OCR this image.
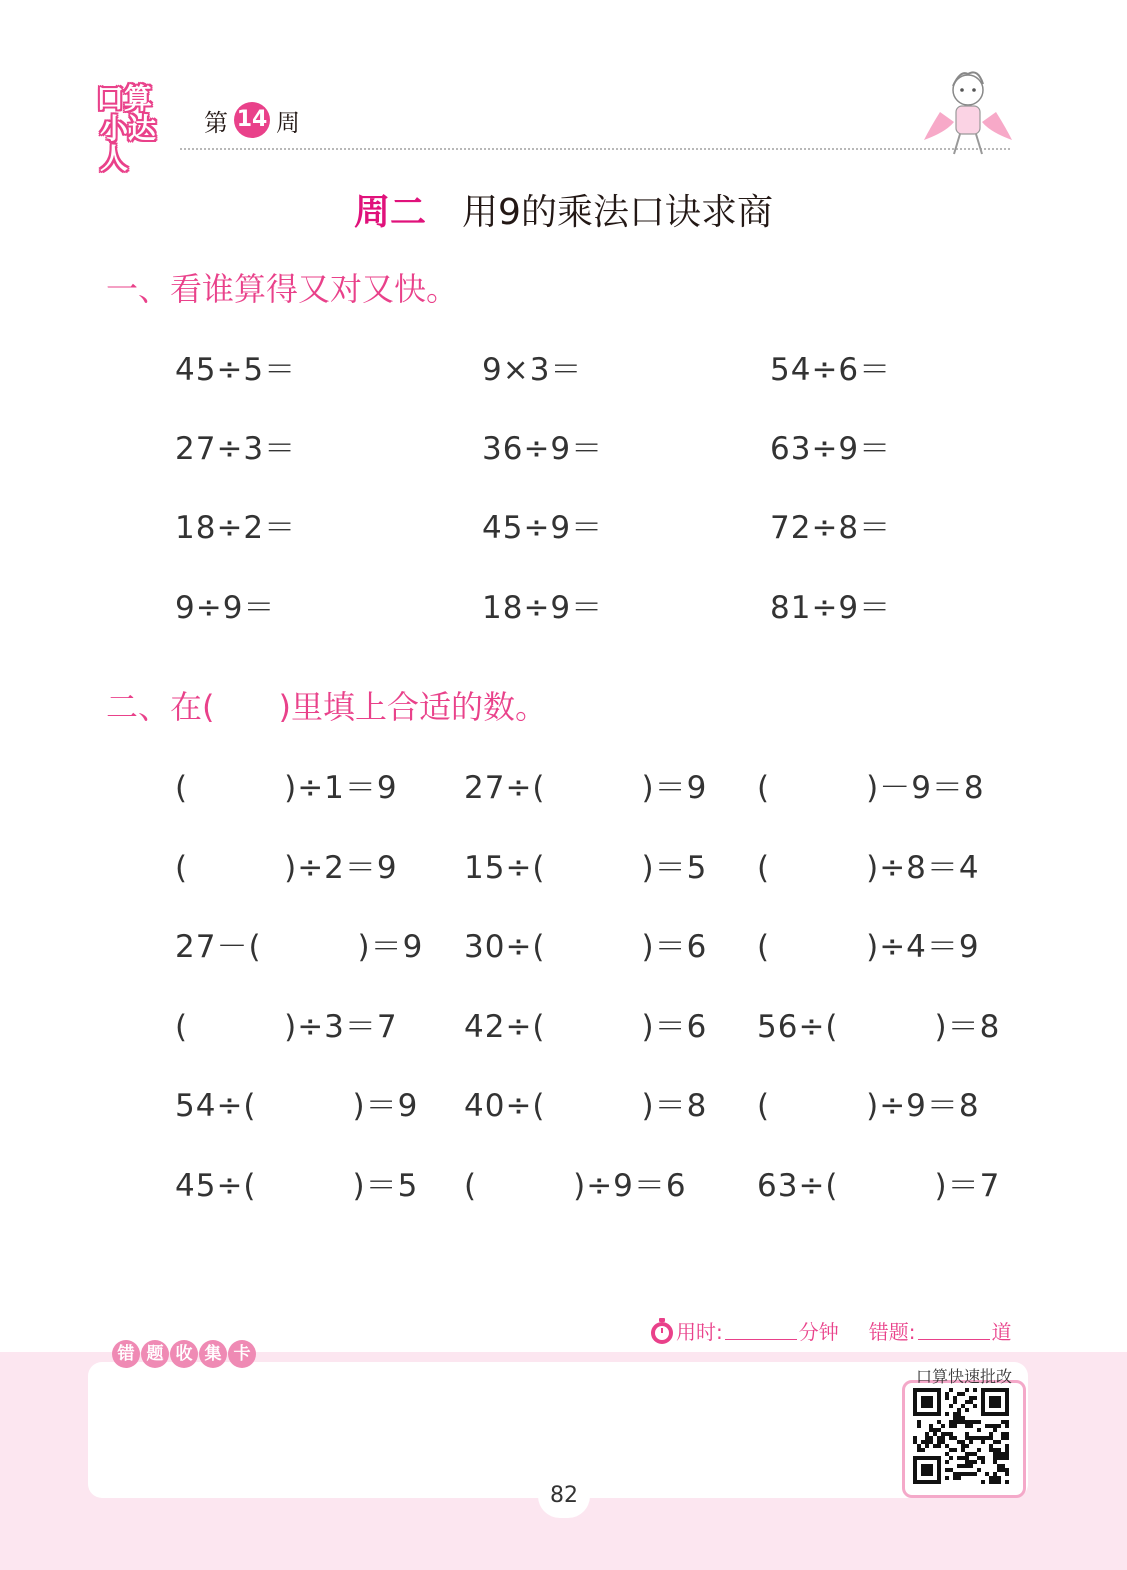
口算
小达人
第 14 周
周二 用9的乘法口诀求商
一、看谁算得又对又快。
45÷5＝	9×3＝	54÷6＝
27÷3＝	36÷9＝	63÷9＝
18÷2＝	45÷9＝	72÷8＝
9÷9＝	18÷9＝	81÷9＝
二、在(　　)里填上合适的数。
(　　　)÷1＝9 27÷(　　　)＝9 (　　　)－9＝8
(　　　)÷2＝9 15÷(　　　)＝5 (　　　)÷8＝4
27－(　　　)＝9 30÷(　　　)＝6 (　　　)÷4＝9
(　　　)÷3＝7 42÷(　　　)＝6 56÷(　　　)＝8
54÷(　　　)＝9 40÷(　　　)＝8 (　　　)÷9＝8
45÷(　　　)＝5 (　　　)÷9＝6 63÷(　　　)＝7
用时:	分钟 错题:	道
错 题 收 集 卡
口算快速批改
82
